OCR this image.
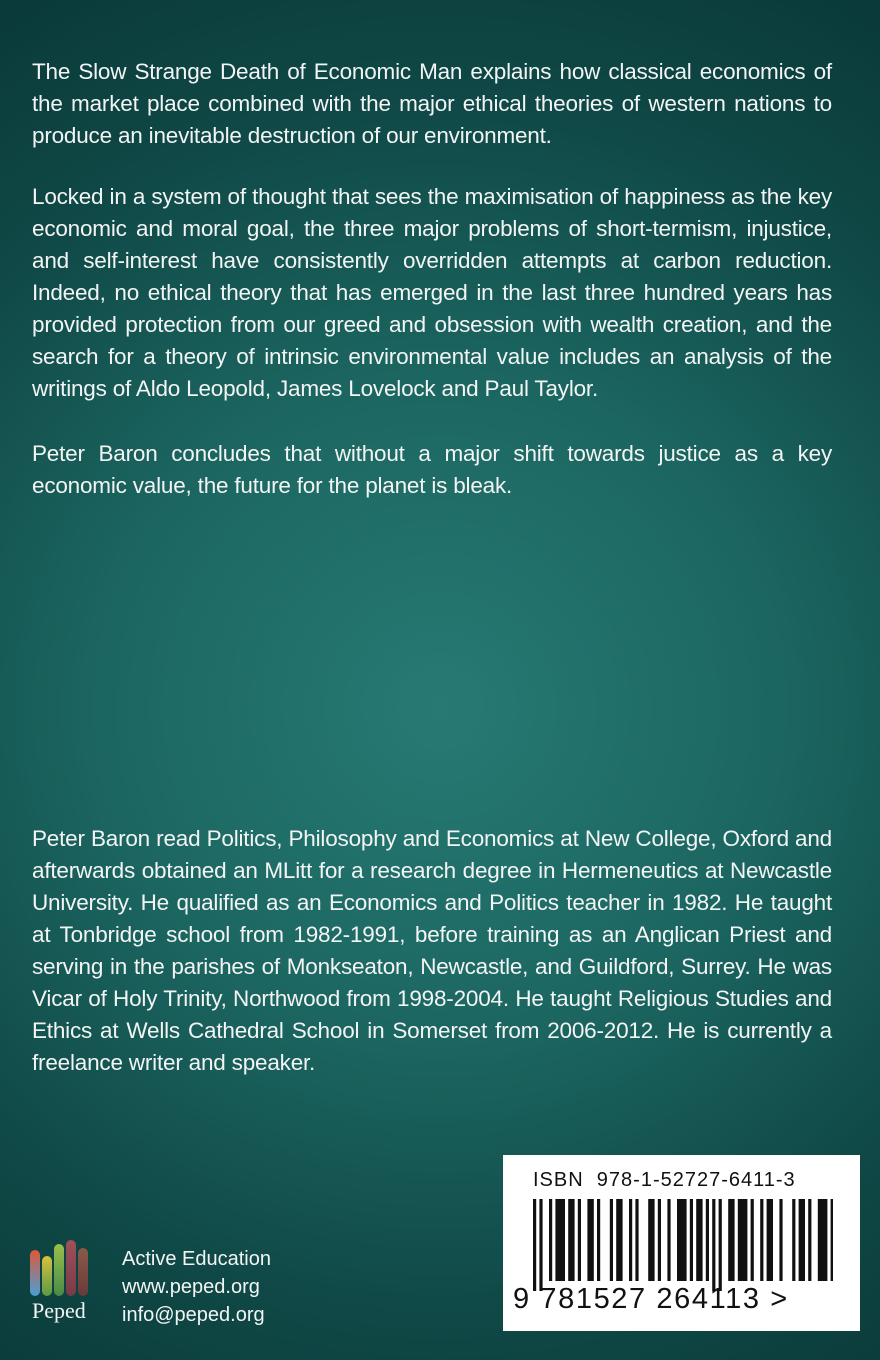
The Slow Strange Death of Economic Man explains how classical economics of the market place combined with the major ethical theories of western nations to produce an inevitable destruction of our environment.

Locked in a system of thought that sees the maximisation of happiness as the key economic and moral goal, the three major problems of short-termism, injustice, and self-interest have consistently overridden attempts at carbon reduction. Indeed, no ethical theory that has emerged in the last three hundred years has provided protection from our greed and obsession with wealth creation, and the search for a theory of intrinsic environmental value includes an analysis of the writings of Aldo Leopold, James Lovelock and Paul Taylor.

Peter Baron concludes that without a major shift towards justice as a key economic value, the future for the planet is bleak.

Peter Baron read Politics, Philosophy and Economics at New College, Oxford and afterwards obtained an MLitt for a research degree in Hermeneutics at Newcastle University. He qualified as an Economics and Politics teacher in 1982. He taught at Tonbridge school from 1982-1991, before training as an Anglican Priest and serving in the parishes of Monkseaton, Newcastle, and Guildford, Surrey. He was Vicar of Holy Trinity, Northwood from 1998-2004. He taught Religious Studies and Ethics at Wells Cathedral School in Somerset from 2006-2012. He is currently a freelance writer and speaker.

Peped
Active Education
www.peped.org
info@peped.org
ISBN  978-1-52727-6411-3
9 781527 264113 >
